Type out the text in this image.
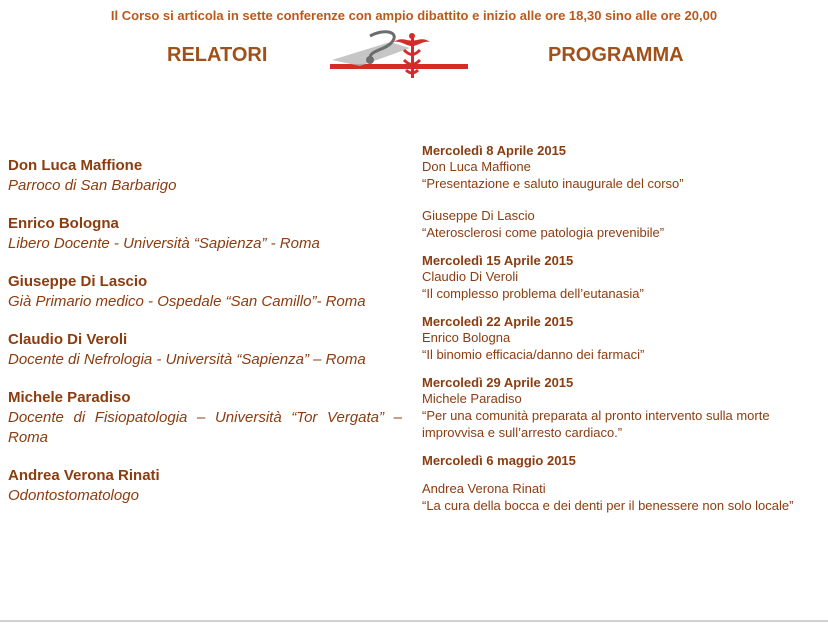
Il Corso si articola in sette conferenze con ampio dibattito e inizio alle ore 18,30 sino alle ore 20,00
RELATORI	PROGRAMMA
Don Luca Maffione
Parroco di San Barbarigo
Enrico Bologna
Libero Docente - Università “Sapienza” - Roma
Giuseppe Di Lascio
Già Primario medico - Ospedale “San Camillo”- Roma
Claudio Di Veroli
Docente di Nefrologia - Università “Sapienza” – Roma
Michele Paradiso
Docente di Fisiopatologia – Università “Tor Vergata” – Roma
Andrea Verona Rinati
Odontostomatologo
Mercoledì 8 Aprile 2015
Don Luca Maffione
“Presentazione e saluto inaugurale del corso”
Giuseppe Di Lascio
“Aterosclerosi come patologia prevenibile”
Mercoledì 15 Aprile 2015
Claudio Di Veroli
“Il complesso problema dell’eutanasia”
Mercoledì 22 Aprile 2015
Enrico Bologna
“Il binomio efficacia/danno dei farmaci”
Mercoledì 29 Aprile 2015
Michele Paradiso
“Per una comunità preparata al pronto intervento sulla morte improvvisa e sull’arresto cardiaco.”
Mercoledì 6 maggio 2015
Andrea Verona Rinati
“La cura della bocca e dei denti per il benessere non solo locale”
